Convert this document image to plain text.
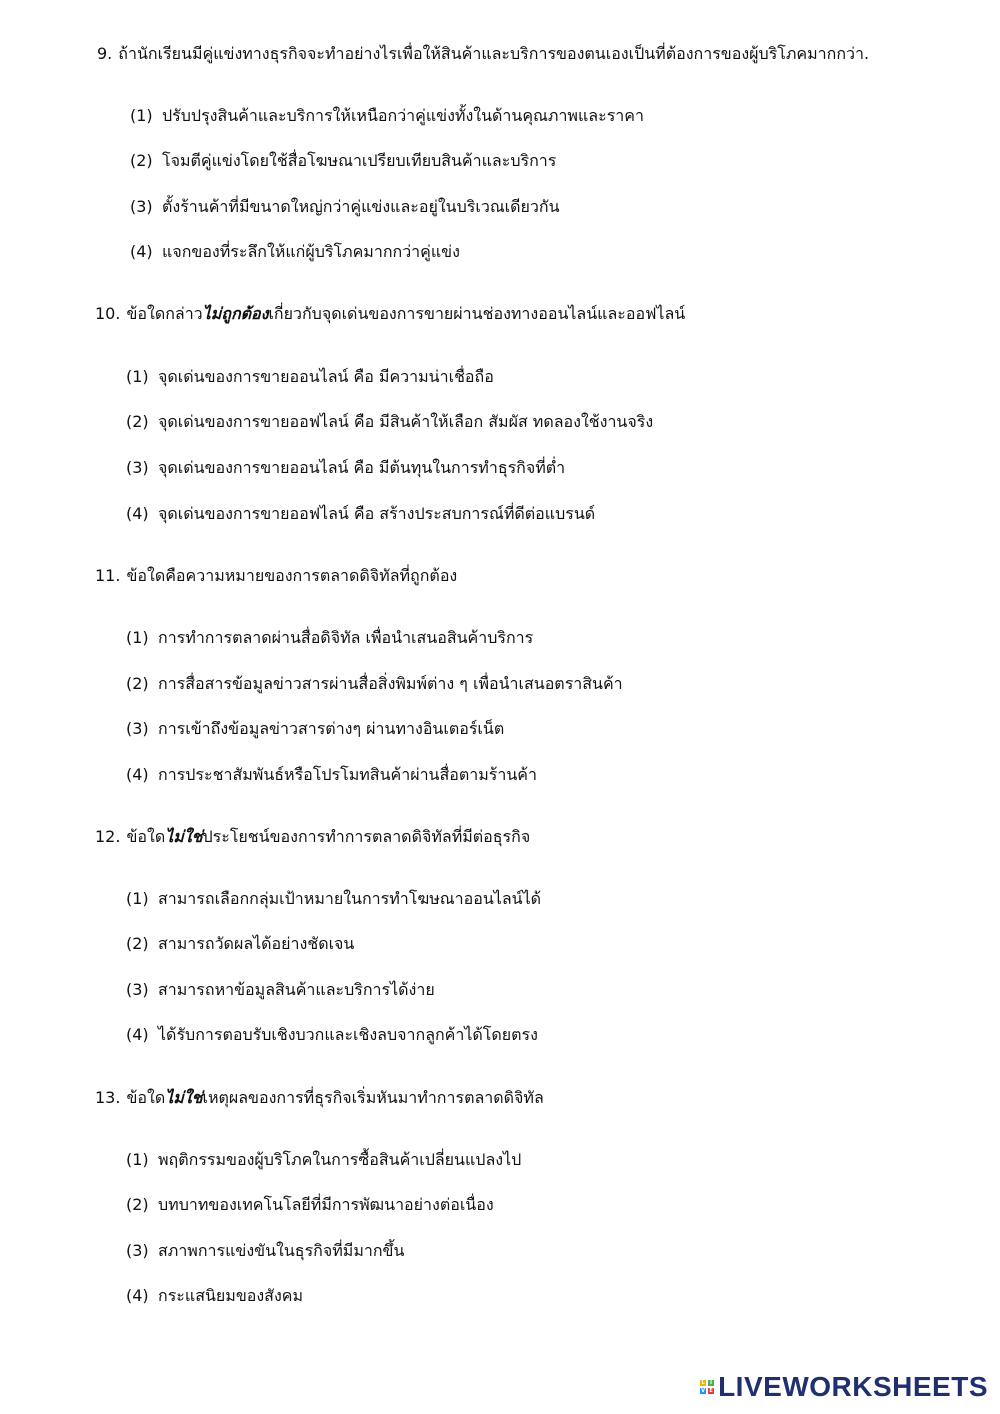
9. ถ้านักเรียนมีคู่แข่งทางธุรกิจจะทำอย่างไรเพื่อให้สินค้าและบริการของตนเองเป็นที่ต้องการของผู้บริโภคมากกว่า.
(1) ปรับปรุงสินค้าและบริการให้เหนือกว่าคู่แข่งทั้งในด้านคุณภาพและราคา
(2) โจมตีคู่แข่งโดยใช้สื่อโฆษณาเปรียบเทียบสินค้าและบริการ
(3) ตั้งร้านค้าที่มีขนาดใหญ่กว่าคู่แข่งและอยู่ในบริเวณเดียวกัน
(4) แจกของที่ระลึกให้แก่ผู้บริโภคมากกว่าคู่แข่ง
10. ข้อใดกล่าวไม่ถูกต้องเกี่ยวกับจุดเด่นของการขายผ่านช่องทางออนไลน์และออฟไลน์
(1) จุดเด่นของการขายออนไลน์ คือ มีความน่าเชื่อถือ
(2) จุดเด่นของการขายออฟไลน์ คือ มีสินค้าให้เลือก สัมผัส ทดลองใช้งานจริง
(3) จุดเด่นของการขายออนไลน์ คือ มีต้นทุนในการทำธุรกิจที่ต่ำ
(4) จุดเด่นของการขายออฟไลน์ คือ สร้างประสบการณ์ที่ดีต่อแบรนด์
11. ข้อใดคือความหมายของการตลาดดิจิทัลที่ถูกต้อง
(1) การทำการตลาดผ่านสื่อดิจิทัล เพื่อนำเสนอสินค้าบริการ
(2) การสื่อสารข้อมูลข่าวสารผ่านสื่อสิ่งพิมพ์ต่าง ๆ เพื่อนำเสนอตราสินค้า
(3) การเข้าถึงข้อมูลข่าวสารต่างๆ ผ่านทางอินเตอร์เน็ต
(4) การประชาสัมพันธ์หรือโปรโมทสินค้าผ่านสื่อตามร้านค้า
12. ข้อใดไม่ใช่ประโยชน์ของการทำการตลาดดิจิทัลที่มีต่อธุรกิจ
(1) สามารถเลือกกลุ่มเป้าหมายในการทำโฆษณาออนไลน์ได้
(2) สามารถวัดผลได้อย่างชัดเจน
(3) สามารถหาข้อมูลสินค้าและบริการได้ง่าย
(4) ได้รับการตอบรับเชิงบวกและเชิงลบจากลูกค้าได้โดยตรง
13. ข้อใดไม่ใช่เหตุผลของการที่ธุรกิจเริ่มหันมาทำการตลาดดิจิทัล
(1) พฤติกรรมของผู้บริโภคในการซื้อสินค้าเปลี่ยนแปลงไป
(2) บทบาทของเทคโนโลยีที่มีการพัฒนาอย่างต่อเนื่อง
(3) สภาพการแข่งขันในธุรกิจที่มีมากขึ้น
(4) กระแสนิยมของสังคม
L	I
V E LIVEWORKSHEETS
